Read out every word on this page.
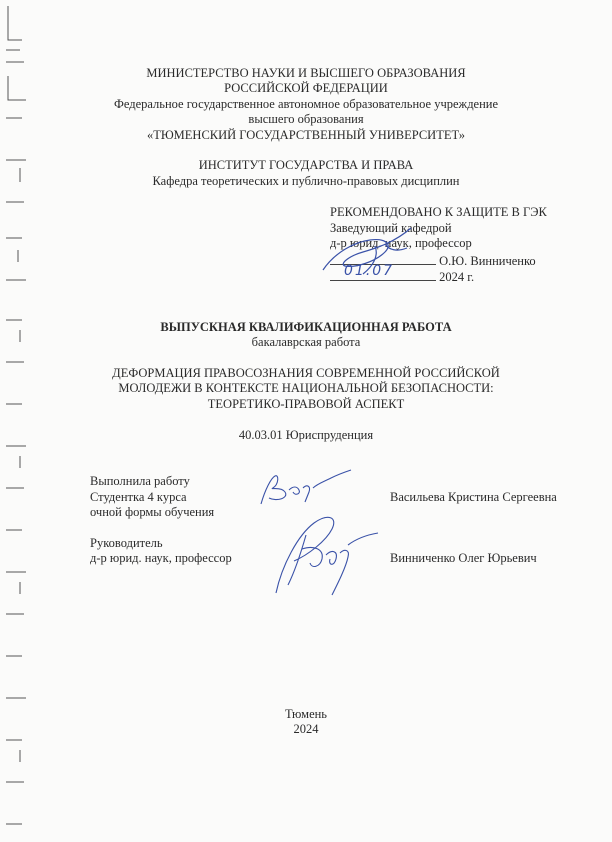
МИНИСТЕРСТВО НАУКИ И ВЫСШЕГО ОБРАЗОВАНИЯ
РОССИЙСКОЙ ФЕДЕРАЦИИ
Федеральное государственное автономное образовательное учреждение
высшего образования
«ТЮМЕНСКИЙ ГОСУДАРСТВЕННЫЙ УНИВЕРСИТЕТ»
ИНСТИТУТ ГОСУДАРСТВА И ПРАВА
Кафедра теоретических и публично-правовых дисциплин
РЕКОМЕНДОВАНО К ЗАЩИТЕ В ГЭК
Заведующий кафедрой
д-р юрид. наук, профессор
О.Ю. Винниченко
01.07	2024 г.
ВЫПУСКНАЯ КВАЛИФИКАЦИОННАЯ РАБОТА
бакалаврская работа
ДЕФОРМАЦИЯ ПРАВОСОЗНАНИЯ СОВРЕМЕННОЙ РОССИЙСКОЙ
МОЛОДЕЖИ В КОНТЕКСТЕ НАЦИОНАЛЬНОЙ БЕЗОПАСНОСТИ:
ТЕОРЕТИКО-ПРАВОВОЙ АСПЕКТ
40.03.01 Юриспруденция
Выполнила работу
Студентка 4 курса
очной формы обучения
Васильева Кристина Сергеевна
Руководитель
д-р юрид. наук, профессор	Винниченко Олег Юрьевич
Тюмень
2024
